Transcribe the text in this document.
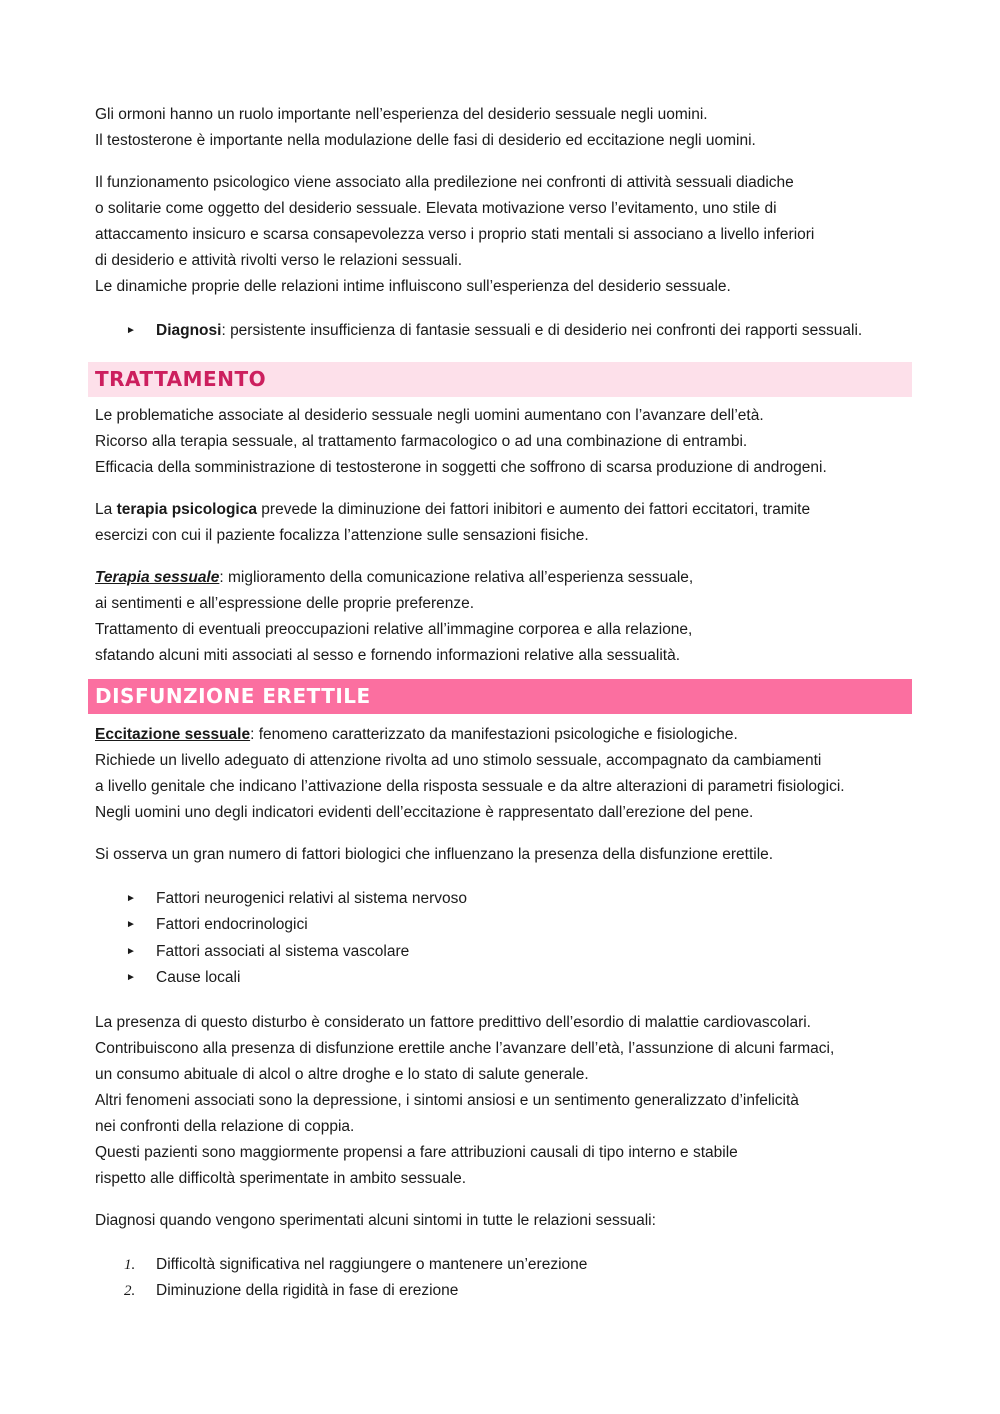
Gli ormoni hanno un ruolo importante nell’esperienza del desiderio sessuale negli uomini.

Il testosterone è importante nella modulazione delle fasi di desiderio ed eccitazione negli uomini.

Il funzionamento psicologico viene associato alla predilezione nei confronti di attività sessuali diadiche

o solitarie come oggetto del desiderio sessuale. Elevata motivazione verso l’evitamento, uno stile di

attaccamento insicuro e scarsa consapevolezza verso i proprio stati mentali si associano a livello inferiori

di desiderio e attività rivolti verso le relazioni sessuali.

Le dinamiche proprie delle relazioni intime influiscono sull’esperienza del desiderio sessuale.

► Diagnosi: persistente insufficienza di fantasie sessuali e di desiderio nei confronti dei rapporti sessuali.
TRATTAMENTO

Le problematiche associate al desiderio sessuale negli uomini aumentano con l’avanzare dell’età.

Ricorso alla terapia sessuale, al trattamento farmacologico o ad una combinazione di entrambi.

Efficacia della somministrazione di testosterone in soggetti che soffrono di scarsa produzione di androgeni.

La terapia psicologica prevede la diminuzione dei fattori inibitori e aumento dei fattori eccitatori, tramite

esercizi con cui il paziente focalizza l’attenzione sulle sensazioni fisiche.

Terapia sessuale: miglioramento della comunicazione relativa all’esperienza sessuale,

ai sentimenti e all’espressione delle proprie preferenze.

Trattamento di eventuali preoccupazioni relative all’immagine corporea e alla relazione,

sfatando alcuni miti associati al sesso e fornendo informazioni relative alla sessualità.

DISFUNZIONE ERETTILE

Eccitazione sessuale: fenomeno caratterizzato da manifestazioni psicologiche e fisiologiche.

Richiede un livello adeguato di attenzione rivolta ad uno stimolo sessuale, accompagnato da cambiamenti

a livello genitale che indicano l’attivazione della risposta sessuale e da altre alterazioni di parametri fisiologici.

Negli uomini uno degli indicatori evidenti dell’eccitazione è rappresentato dall’erezione del pene.

Si osserva un gran numero di fattori biologici che influenzano la presenza della disfunzione erettile.

► Fattori neurogenici relativi al sistema nervoso
► Fattori endocrinologici
► Fattori associati al sistema vascolare
► Cause locali

La presenza di questo disturbo è considerato un fattore predittivo dell’esordio di malattie cardiovascolari.

Contribuiscono alla presenza di disfunzione erettile anche l’avanzare dell’età, l’assunzione di alcuni farmaci,

un consumo abituale di alcol o altre droghe e lo stato di salute generale.

Altri fenomeni associati sono la depressione, i sintomi ansiosi e un sentimento generalizzato d’infelicità

nei confronti della relazione di coppia.

Questi pazienti sono maggiormente propensi a fare attribuzioni causali di tipo interno e stabile

rispetto alle difficoltà sperimentate in ambito sessuale.

Diagnosi quando vengono sperimentati alcuni sintomi in tutte le relazioni sessuali:

1. Difficoltà significativa nel raggiungere o mantenere un’erezione
2. Diminuzione della rigidità in fase di erezione
